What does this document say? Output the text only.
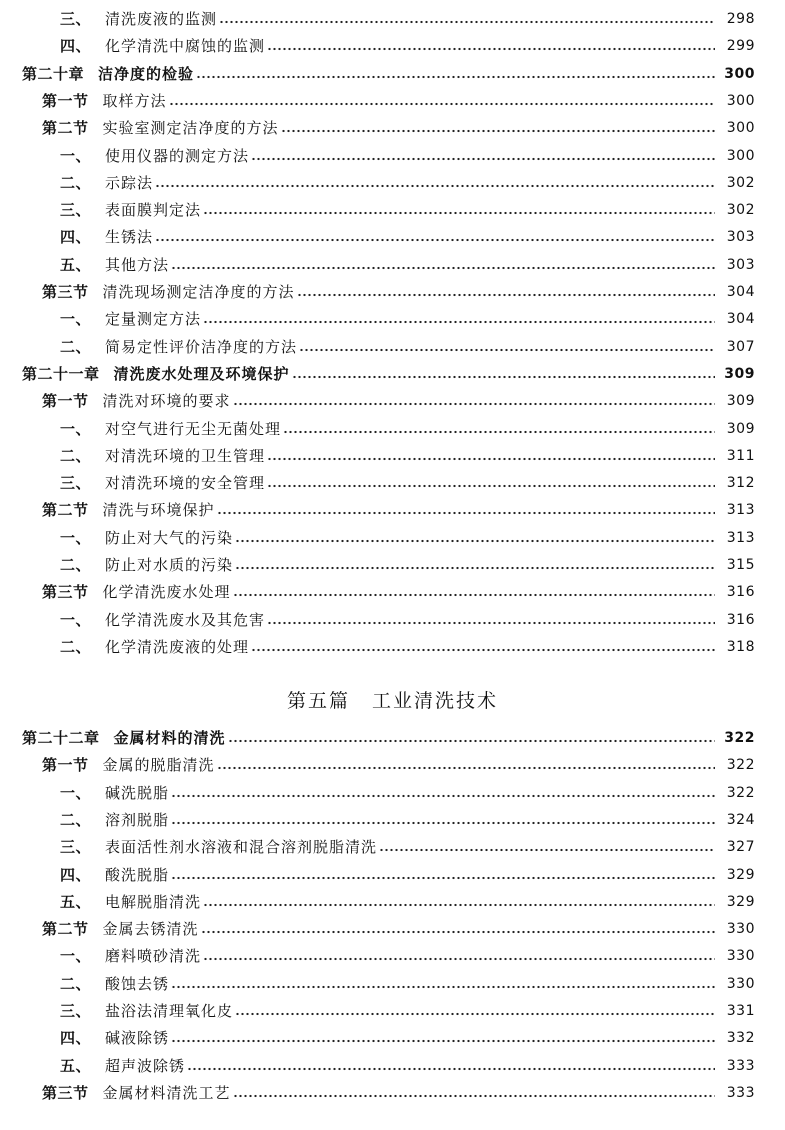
三、 清洗废液的监测	298
四、 化学清洗中腐蚀的监测	299
第二十章 洁净度的检验	300
第一节 取样方法	300
第二节 实验室测定洁净度的方法	300
一、 使用仪器的测定方法	300
二、 示踪法	302
三、 表面膜判定法	302
四、 生锈法	303
五、 其他方法	303
第三节 清洗现场测定洁净度的方法	304
一、 定量测定方法	304
二、 简易定性评价洁净度的方法	307
第二十一章 清洗废水处理及环境保护	309
第一节 清洗对环境的要求	309
一、 对空气进行无尘无菌处理	309
二、 对清洗环境的卫生管理	311
三、 对清洗环境的安全管理	312
第二节 清洗与环境保护	313
一、 防止对大气的污染	313
二、 防止对水质的污染	315
第三节 化学清洗废水处理	316
一、 化学清洗废水及其危害	316
二、 化学清洗废液的处理	318
第五篇 工业清洗技术
第二十二章 金属材料的清洗	322
第一节 金属的脱脂清洗	322
一、 碱洗脱脂	322
二、 溶剂脱脂	324
三、 表面活性剂水溶液和混合溶剂脱脂清洗	327
四、 酸洗脱脂	329
五、 电解脱脂清洗	329
第二节 金属去锈清洗	330
一、 磨料喷砂清洗	330
二、 酸蚀去锈	330
三、 盐浴法清理氧化皮	331
四、 碱液除锈	332
五、 超声波除锈	333
第三节 金属材料清洗工艺	333
